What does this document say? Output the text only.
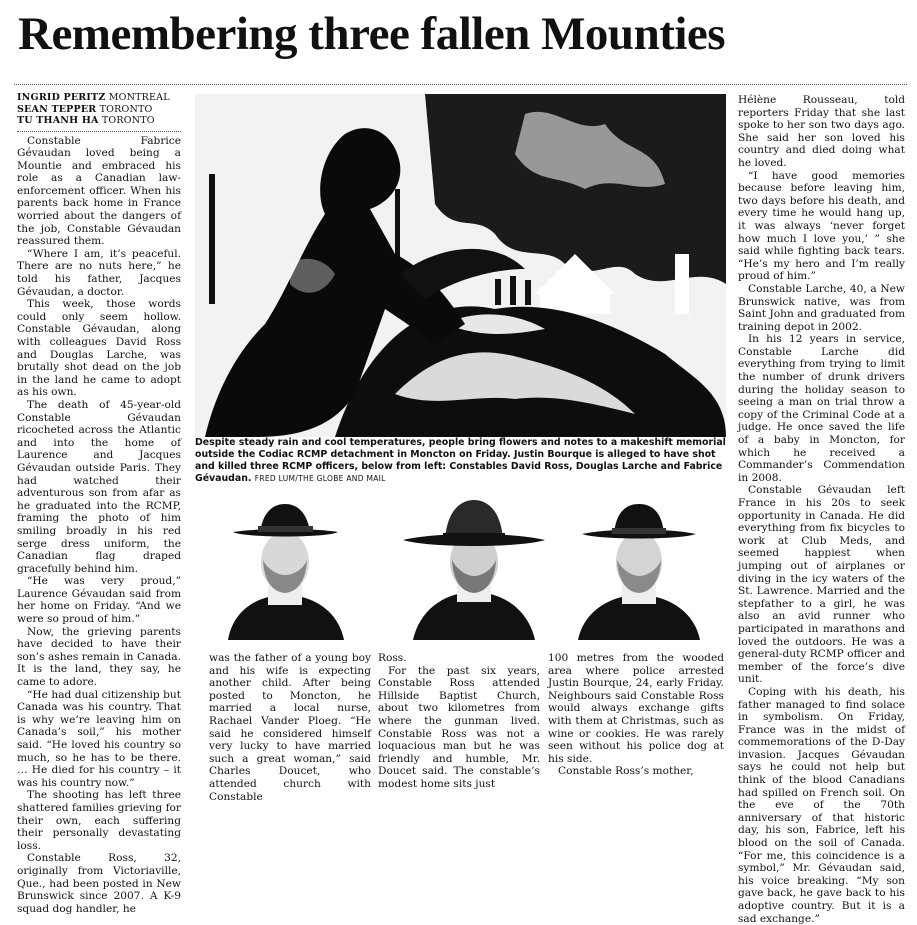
Remembering three fallen Mounties
INGRID PERITZ MONTREAL
SEAN TEPPER TORONTO
TU THANH HA TORONTO

Constable Fabrice Gévaudan loved being a Mountie and embraced his role as a Canadian law-enforcement officer. When his parents back home in France worried about the dangers of the job, Constable Gévaudan reassured them.

“Where I am, it’s peaceful. There are no nuts here,” he told his father, Jacques Gévaudan, a doctor.

This week, those words could only seem hollow. Constable Gévaudan, along with colleagues David Ross and Douglas Larche, was brutally shot dead on the job in the land he came to adopt as his own.

The death of 45-year-old Constable Gévaudan ricocheted across the Atlantic and into the home of Laurence and Jacques Gévaudan outside Paris. They had watched their adventurous son from afar as he graduated into the RCMP, framing the photo of him smiling broadly in his red serge dress uniform, the Canadian flag draped gracefully behind him.

“He was very proud,” Laurence Gévaudan said from her home on Friday. “And we were so proud of him.”

Now, the grieving parents have decided to have their son’s ashes remain in Canada. It is the land, they say, he came to adore.

“He had dual citizenship but Canada was his country. That is why we’re leaving him on Canada’s soil,” his mother said. “He loved his country so much, so he has to be there. … He died for his country – it was his country now.”

The shooting has left three shattered families grieving for their own, each suffering their personally devastating loss.

Constable Ross, 32, originally from Victoriaville, Que., had been posted in New Brunswick since 2007. A K-9 squad dog handler, he

Despite steady rain and cool temperatures, people bring flowers and notes to a makeshift memorial outside the Codiac RCMP detachment in Moncton on Friday. Justin Bourque is alleged to have shot and killed three RCMP officers, below from left: Constables David Ross, Douglas Larche and Fabrice Gévaudan. FRED LUM/THE GLOBE AND MAIL

was the father of a young boy and his wife is expecting another child. After being posted to Moncton, he married a local nurse, Rachael Vander Ploeg. “He said he considered himself very lucky to have married such a great woman,” said Charles Doucet, who attended church with Constable

Ross.

For the past six years, Constable Ross attended Hillside Baptist Church, about two kilometres from where the gunman lived. Constable Ross was not a loquacious man but he was friendly and humble, Mr. Doucet said. The constable’s modest home sits just

100 metres from the wooded area where police arrested Justin Bourque, 24, early Friday. Neighbours said Constable Ross would always exchange gifts with them at Christmas, such as wine or cookies. He was rarely seen without his police dog at his side.

Constable Ross’s mother,

Hélène Rousseau, told reporters Friday that she last spoke to her son two days ago. She said her son loved his country and died doing what he loved.

“I have good memories because before leaving him, two days before his death, and every time he would hang up, it was always ‘never forget how much I love you,’ ” she said while fighting back tears. “He’s my hero and I’m really proud of him.”

Constable Larche, 40, a New Brunswick native, was from Saint John and graduated from training depot in 2002.

In his 12 years in service, Constable Larche did everything from trying to limit the number of drunk drivers during the holiday season to seeing a man on trial throw a copy of the Criminal Code at a judge. He once saved the life of a baby in Moncton, for which he received a Commander’s Commendation in 2008.

Constable Gévaudan left France in his 20s to seek opportunity in Canada. He did everything from fix bicycles to work at Club Meds, and seemed happiest when jumping out of airplanes or diving in the icy waters of the St. Lawrence. Married and the stepfather to a girl, he was also an avid runner who participated in marathons and loved the outdoors. He was a general-duty RCMP officer and member of the force’s dive unit.

Coping with his death, his father managed to find solace in symbolism. On Friday, France was in the midst of commemorations of the D-Day invasion. Jacques Gévaudan says he could not help but think of the blood Canadians had spilled on French soil. On the eve of the 70th anniversary of that historic day, his son, Fabrice, left his blood on the soil of Canada. “For me, this coincidence is a symbol,” Mr. Gévaudan said, his voice breaking. “My son gave back, he gave back to his adoptive country. But it is a sad exchange.”
